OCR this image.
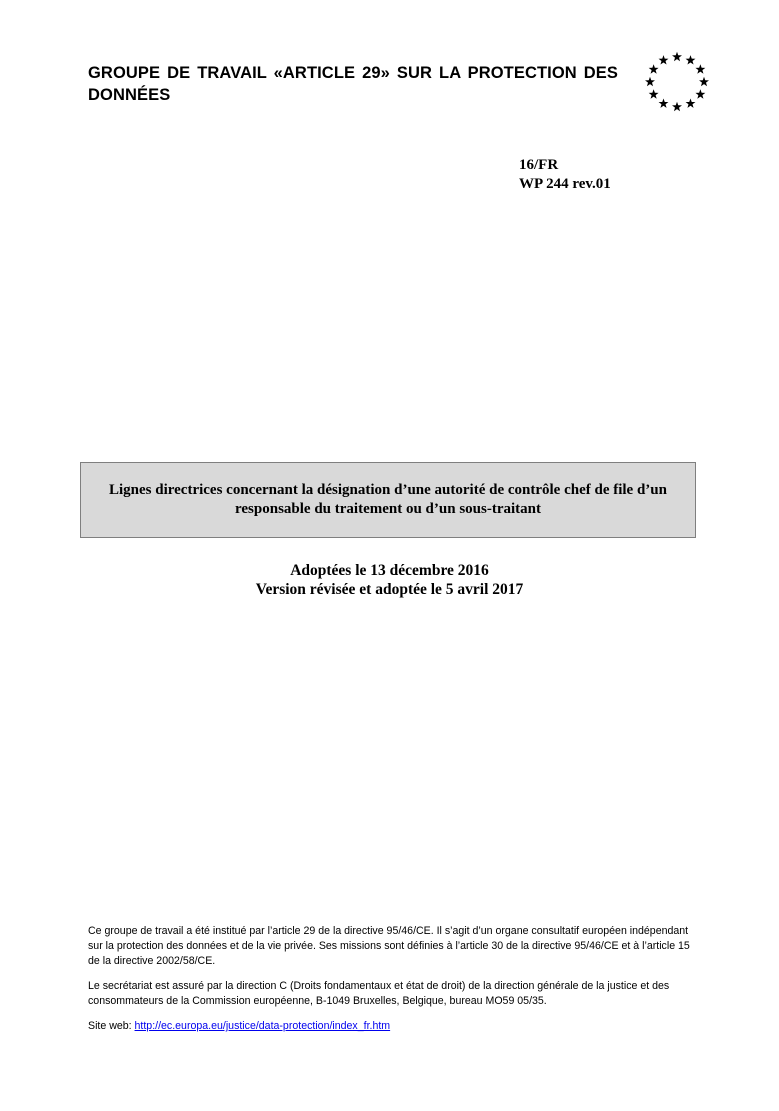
GROUPE DE TRAVAIL «ARTICLE 29» SUR LA PROTECTION DES DONNÉES
16/FR
WP 244 rev.01
Lignes directrices concernant la désignation d’une autorité de contrôle chef de file d’un responsable du traitement ou d’un sous-traitant
Adoptées le 13 décembre 2016
Version révisée et adoptée le 5 avril 2017

Ce groupe de travail a été institué par l’article 29 de la directive 95/46/CE. Il s’agit d’un organe consultatif européen indépendant sur la protection des données et de la vie privée. Ses missions sont définies à l’article 30 de la directive 95/46/CE et à l’article 15 de la directive 2002/58/CE.

Le secrétariat est assuré par la direction C (Droits fondamentaux et état de droit) de la direction générale de la justice et des consommateurs de la Commission européenne, B-1049 Bruxelles, Belgique, bureau MO59 05/35.

Site web: http://ec.europa.eu/justice/data-protection/index_fr.htm
